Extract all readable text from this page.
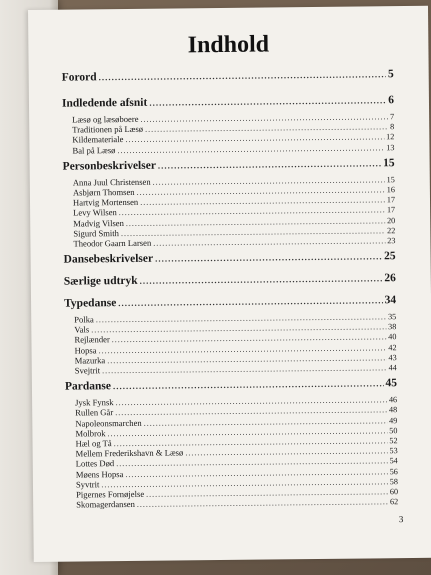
Indhold
Forord .....	5
Indledende afsnit .....	6
Læsø og læsøboere .....	7
Traditionen på Læsø .....	8
Kildemateriale .....	12
Bal på Læsø .....	13
Personbeskrivelser .....	15
Anna Juul Christensen .....	15
Asbjørn Thomsen .....	16
Hartvig Mortensen .....	17
Levy Wilsen .....	17
Madvig Vilsen .....	20
Sigurd Smith .....	22
Theodor Gaarn Larsen .....	23
Dansebeskrivelser .....	25
Særlige udtryk .....	26
Typedanse .....	34
Polka .....	35
Vals .....	38
Rejlænder .....	40
Hopsa .....	42
Mazurka .....	43
Svejtrit .....	44
Pardanse .....	45
Jysk Fynsk .....	46
Rullen Går .....	48
Napoleonsmarchen .....	49
Molbrok .....	50
Hæl og Tå .....	52
Mellem Frederikshavn & Læsø .....	53
Lottes Død .....	54
Møens Hopsa .....	56
Syvtrit .....	58
Pigernes Fornøjelse .....	60
Skomagerdansen .....	62
3
